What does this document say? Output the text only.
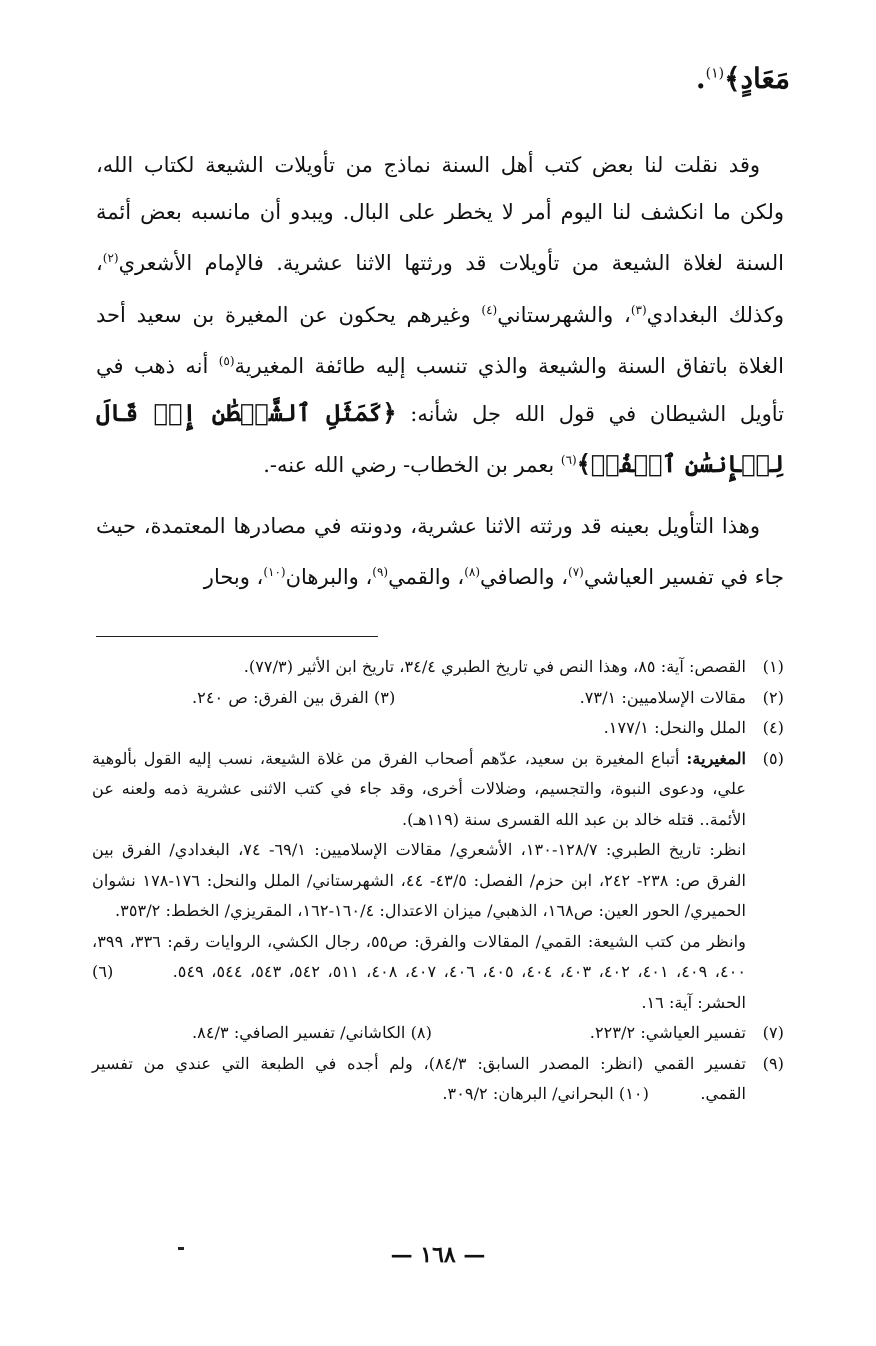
مَعَادٍ﴾$^{(١)}$.

وقد نقلت لنا بعض كتب أهل السنة نماذج من تأويلات الشيعة لكتاب الله، ولكن ما انكشف لنا اليوم أمر لا يخطر على البال. ويبدو أن مانسبه بعض أئمة السنة لغلاة الشيعة من تأويلات قد ورثتها الاثنا عشرية. فالإمام الأشعري$^{(٢)}$، وكذلك البغدادي$^{(٣)}$، والشهرستاني$^{(٤)}$ وغيرهم يحكون عن المغيرة بن سعيد أحد الغلاة باتفاق السنة والشيعة والذي تنسب إليه طائفة المغيرية$^{(٥)}$ أنه ذهب في تأويل الشيطان في قول الله جل شأنه: ﴿كَمَثَلِ ٱلشَّيۡطَٰنِ إِذۡ قَالَ لِلۡإِنسَٰنِ ٱكۡفُرۡ﴾$^{(٦)}$ بعمر بن الخطاب- رضي الله عنه-.

وهذا التأويل بعينه قد ورثته الاثنا عشرية، ودونته في مصادرها المعتمدة، حيث جاء في تفسير العياشي$^{(٧)}$، والصافي$^{(٨)}$، والقمي$^{(٩)}$، والبرهان$^{(١٠)}$، وبحار

(١)
القصص: آية: ٨٥، وهذا النص في تاريخ الطبري ٣٤/٤، تاريخ ابن الأثير (٧٧/٣).
(٢)
مقالات الإسلاميين: ٧٣/١.
(٣) الفرق بين الفرق: ص ٢٤٠.
(٤)
الملل والنحل: ١٧٧/١.
(٥)

المغيرية: أتباع المغيرة بن سعيد، عدّهم أصحاب الفرق من غلاة الشيعة، نسب إليه القول بألوهية علي، ودعوى النبوة، والتجسيم، وضلالات أخرى، وقد جاء في كتب الاثنى عشرية ذمه ولعنه عن الأئمة.. قتله خالد بن عبد الله القسرى سنة (١١٩هـ).

انظر: تاريخ الطبري: ١٢٨/٧-١٣٠، الأشعري/ مقالات الإسلاميين: ٦٩/١- ٧٤، البغدادي/ الفرق بين الفرق ص: ٢٣٨- ٢٤٢، ابن حزم/ الفصل: ٤٣/٥- ٤٤، الشهرستاني/ الملل والنحل: ١٧٦-١٧٨ نشوان الحميري/ الحور العين: ص١٦٨، الذهبي/ ميزان الاعتدال: ١٦٠/٤-١٦٢، المقريزي/ الخطط: ٣٥٣/٢.

وانظر من كتب الشيعة: القمي/ المقالات والفرق: ص٥٥، رجال الكشي، الروايات رقم: ٣٣٦، ٣٩٩، ٤٠٠، ٤٠٩، ٤٠١، ٤٠٢، ٤٠٣، ٤٠٤، ٤٠٥، ٤٠٦، ٤٠٧، ٤٠٨، ٥١١، ٥٤٢، ٥٤٣، ٥٤٤، ٥٤٩.        (٦) الحشر: آية: ١٦.

(٧)
تفسير العياشي: ٢٢٣/٢.
(٨) الكاشاني/ تفسير الصافي: ٨٤/٣.
(٩)
تفسير القمي (انظر: المصدر السابق: ٨٤/٣)، ولم أجده في الطبعة التي عندي من تفسير القمي.          (١٠) البحراني/ البرهان: ٣٠٩/٢.
— ١٦٨ —
